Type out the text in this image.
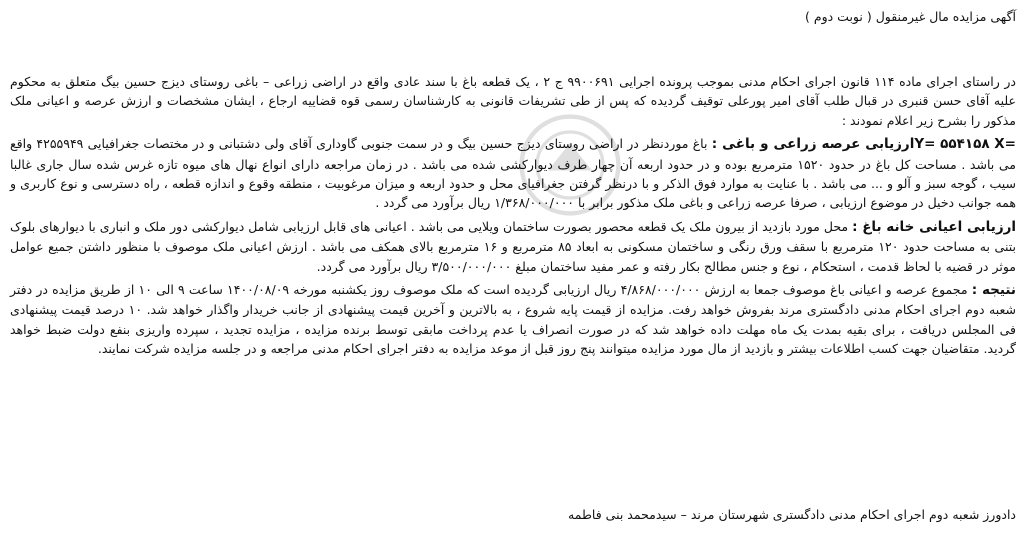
آگهی مزایده مال غیرمنقول ( نوبت دوم )

در راستای اجرای ماده ۱۱۴ قانون اجرای احکام مدنی بموجب پرونده اجرایی ۹۹۰۰۶۹۱ ج ۲ ، یک قطعه باغ با سند عادی واقع در اراضی زراعی – باغی روستای دیزج حسین بیگ متعلق به محکوم علیه آقای حسن قنبری در قبال طلب آقای امیر پورعلی توقیف گردیده که پس از طی تشریفات قانونی به کارشناسان رسمی قوه قضاییه ارجاع ، ایشان مشخصات و ارزش عرصه و اعیانی ملک مذکور را بشرح زیر اعلام نمودند :

Y= ۵۵۴۱۵۸ X=ارزیابی عرصه زراعی و باغی : باغ موردنظر در اراضی روستای دیزج حسین بیگ و در سمت جنوبی گاوداری آقای ولی دشتبانی و در مختصات جغرافیایی ۴۲۵۵۹۴۹ واقع می باشد . مساحت کل باغ در حدود ۱۵۲۰ مترمربع بوده و در حدود اربعه آن چهار طرف دیوارکشی شده می باشد . در زمان مراجعه دارای انواع نهال های میوه تازه غرس شده سال جاری غالبا سیب ، گوجه سبز و آلو و ... می باشد . با عنایت به موارد فوق الذکر و با درنظر گرفتن جغرافیای محل و حدود اربعه و میزان مرغوبیت ، منطقه وقوع و اندازه قطعه ، راه دسترسی و نوع کاربری و همه جوانب دخیل در موضوع ارزیابی ، صرفا عرصه زراعی و باغی ملک مذکور برابر با ۱/۳۶۸/۰۰۰/۰۰۰ ریال برآورد می گردد .

ارزیابی اعیانی خانه باغ : محل مورد بازدید از بیرون ملک یک قطعه محصور بصورت ساختمان ویلایی می باشد . اعیانی های قابل ارزیابی شامل دیوارکشی دور ملک و انباری با دیوارهای بلوک بتنی به مساحت حدود ۱۲۰ مترمربع با سقف ورق رنگی و ساختمان مسکونی به ابعاد ۸۵ مترمربع و ۱۶ مترمربع بالای همکف می باشد . ارزش اعیانی ملک موصوف با منظور داشتن جمیع عوامل موثر در قضیه با لحاظ قدمت ، استحکام ، نوع و جنس مطالح بکار رفته و عمر مفید ساختمان مبلغ ۳/۵۰۰/۰۰۰/۰۰۰ ریال برآورد می گردد.

نتیجه : مجموع عرصه و اعیانی باغ موصوف جمعا به ارزش ۴/۸۶۸/۰۰۰/۰۰۰ ریال ارزیابی گردیده است که ملک موصوف روز یکشنبه مورخه ۱۴۰۰/۰۸/۰۹ ساعت ۹ الی ۱۰ از طریق مزایده در دفتر شعبه دوم اجرای احکام مدنی دادگستری مرند بفروش خواهد رفت. مزایده از قیمت پایه شروع ، به بالاترین و آخرین قیمت پیشنهادی از جانب خریدار واگذار خواهد شد. ۱۰ درصد قیمت پیشنهادی فی المجلس دریافت ، برای بقیه بمدت یک ماه مهلت داده خواهد شد که در صورت انصراف یا عدم پرداخت مابقی توسط برنده مزایده ، مزایده تجدید ، سپرده واریزی بنفع دولت ضبط خواهد گردید. متقاضیان جهت کسب اطلاعات بیشتر و بازدید از مال مورد مزایده میتوانند پنج روز قبل از موعد مزایده به دفتر اجرای احکام مدنی مراجعه و در جلسه مزایده شرکت نمایند.

دادورز شعبه دوم اجرای احکام مدنی دادگستری شهرستان مرند – سیدمحمد بنی فاطمه
